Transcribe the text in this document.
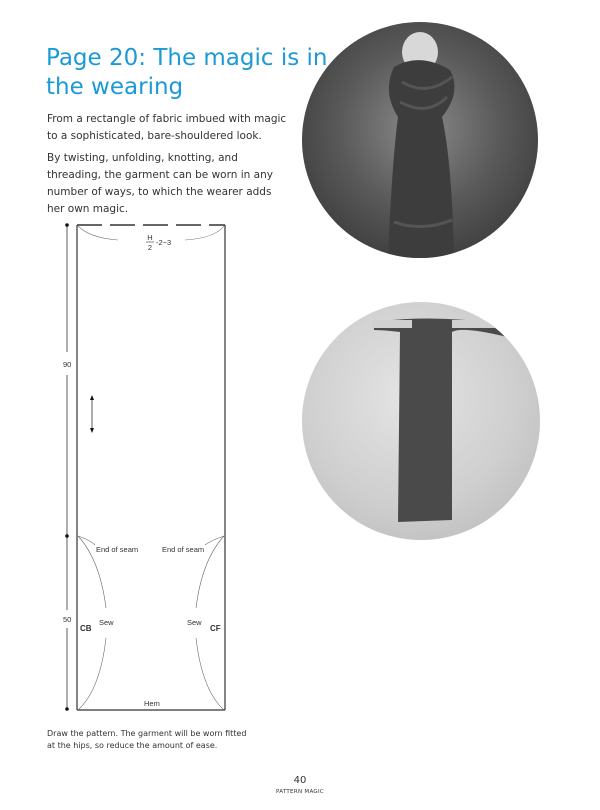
Page 20: The magic is in the wearing

From a rectangle of fabric imbued with magic to a sophisticated, bare-shouldered look.

By twisting, unfolding, knotting, and threading, the garment can be worn in any number of ways, to which the wearer adds her own magic.

H
2
-2~3
90
50
End of seam	End of seam
Sew	Sew
CB	CF
Hem

Draw the pattern. The garment will be worn fitted at the hips, so reduce the amount of ease.

40
PATTERN MAGIC
